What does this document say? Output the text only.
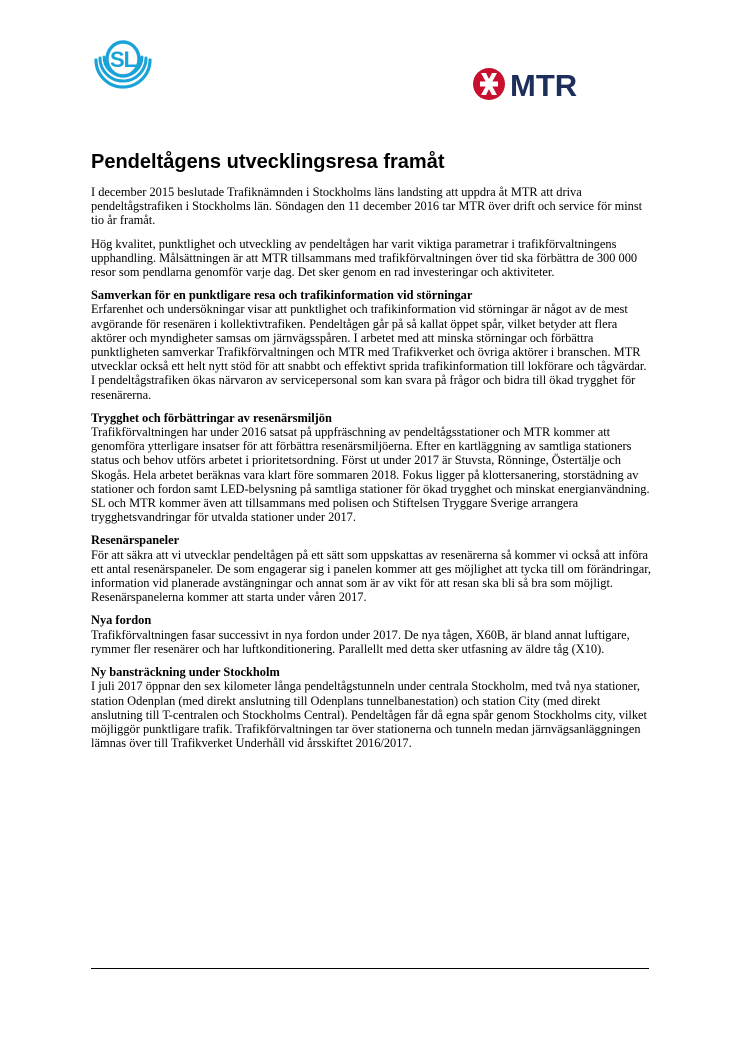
SL
MTR
Pendeltågens utvecklingsresa framåt

I december 2015 beslutade Trafiknämnden i Stockholms läns landsting att uppdra åt MTR att driva pendeltågstrafiken i Stockholms län. Söndagen den 11 december 2016 tar MTR över drift och service för minst tio år framåt.

Hög kvalitet, punktlighet och utveckling av pendeltågen har varit viktiga parametrar i trafikförvaltningens upphandling. Målsättningen är att MTR tillsammans med trafikförvaltningen över tid ska förbättra de 300 000 resor som pendlarna genomför varje dag. Det sker genom en rad investeringar och aktiviteter.

Samverkan för en punktligare resa och trafikinformation vid störningar
Erfarenhet och undersökningar visar att punktlighet och trafikinformation vid störningar är något av de mest avgörande för resenären i kollektivtrafiken. Pendeltågen går på så kallat öppet spår, vilket betyder att flera aktörer och myndigheter samsas om järnvägsspåren. I arbetet med att minska störningar och förbättra punktligheten samverkar Trafikförvaltningen och MTR med Trafikverket och övriga aktörer i branschen. MTR utvecklar också ett helt nytt stöd för att snabbt och effektivt sprida trafikinformation till lokförare och tågvärdar. I pendeltågstrafiken ökas närvaron av servicepersonal som kan svara på frågor och bidra till ökad trygghet för resenärerna.
Trygghet och förbättringar av resenärsmiljön
Trafikförvaltningen har under 2016 satsat på uppfräschning av pendeltågsstationer och MTR kommer att genomföra ytterligare insatser för att förbättra resenärsmiljöerna. Efter en kartläggning av samtliga stationers status och behov utförs arbetet i prioritetsordning. Först ut under 2017 är Stuvsta, Rönninge, Östertälje och Skogås. Hela arbetet beräknas vara klart före sommaren 2018. Fokus ligger på klottersanering, storstädning av stationer och fordon samt LED-belysning på samtliga stationer för ökad trygghet och minskat energianvändning. SL och MTR kommer även att tillsammans med polisen och Stiftelsen Tryggare Sverige arrangera trygghetsvandringar för utvalda stationer under 2017.
Resenärspaneler
För att säkra att vi utvecklar pendeltågen på ett sätt som uppskattas av resenärerna så kommer vi också att införa ett antal resenärspaneler. De som engagerar sig i panelen kommer att ges möjlighet att tycka till om förändringar, information vid planerade avstängningar och annat som är av vikt för att resan ska bli så bra som möjligt. Resenärspanelerna kommer att starta under våren 2017.
Nya fordon
Trafikförvaltningen fasar successivt in nya fordon under 2017. De nya tågen, X60B, är bland annat luftigare, rymmer fler resenärer och har luftkonditionering. Parallellt med detta sker utfasning av äldre tåg (X10).
Ny bansträckning under Stockholm
I juli 2017 öppnar den sex kilometer långa pendeltågstunneln under centrala Stockholm, med två nya stationer, station Odenplan (med direkt anslutning till Odenplans tunnelbanestation) och station City (med direkt anslutning till T-centralen och Stockholms Central). Pendeltågen får då egna spår genom Stockholms city, vilket möjliggör punktligare trafik. Trafikförvaltningen tar över stationerna och tunneln medan järnvägsanläggningen lämnas över till Trafikverket Underhåll vid årsskiftet 2016/2017.
